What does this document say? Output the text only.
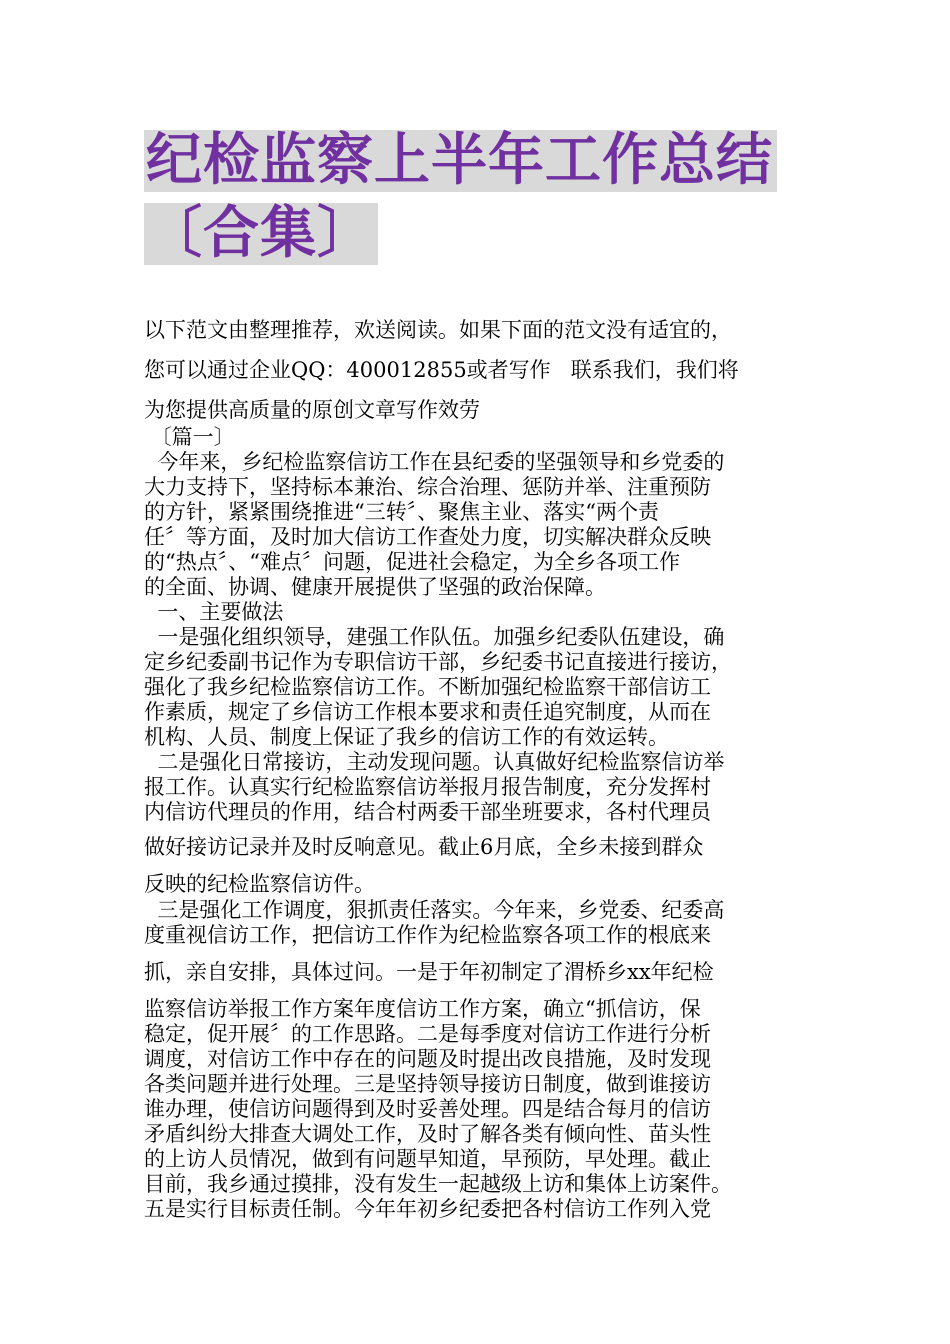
纪检监察上半年工作总结
〔合集〕
以下范文由整理推荐，欢送阅读。如果下面的范文没有适宜的，
您可以通过企业QQ：400012855或者写作   联系我们，我们将
为您提供高质量的原创文章写作效劳
〔篇一〕
今年来，乡纪检监察信访工作在县纪委的坚强领导和乡党委的
大力支持下，坚持标本兼治、综合治理、惩防并举、注重预防
的方针，紧紧围绕推进“三转〞、聚焦主业、落实“两个责
任〞等方面，及时加大信访工作查处力度，切实解决群众反映
的“热点〞、“难点〞问题，促进社会稳定，为全乡各项工作
的全面、协调、健康开展提供了坚强的政治保障。
一、主要做法
一是强化组织领导，建强工作队伍。加强乡纪委队伍建设，确
定乡纪委副书记作为专职信访干部，乡纪委书记直接进行接访，
强化了我乡纪检监察信访工作。不断加强纪检监察干部信访工
作素质，规定了乡信访工作根本要求和责任追究制度，从而在
机构、人员、制度上保证了我乡的信访工作的有效运转。
二是强化日常接访，主动发现问题。认真做好纪检监察信访举
报工作。认真实行纪检监察信访举报月报告制度，充分发挥村
内信访代理员的作用，结合村两委干部坐班要求，各村代理员
做好接访记录并及时反响意见。截止6月底，全乡未接到群众
反映的纪检监察信访件。
三是强化工作调度，狠抓责任落实。今年来，乡党委、纪委高
度重视信访工作，把信访工作作为纪检监察各项工作的根底来
抓，亲自安排，具体过问。一是于年初制定了渭桥乡xx年纪检
监察信访举报工作方案年度信访工作方案，确立“抓信访，保
稳定，促开展〞的工作思路。二是每季度对信访工作进行分析
调度，对信访工作中存在的问题及时提出改良措施，及时发现
各类问题并进行处理。三是坚持领导接访日制度，做到谁接访
谁办理，使信访问题得到及时妥善处理。四是结合每月的信访
矛盾纠纷大排查大调处工作，及时了解各类有倾向性、苗头性
的上访人员情况，做到有问题早知道，早预防，早处理。截止
目前，我乡通过摸排，没有发生一起越级上访和集体上访案件。
五是实行目标责任制。今年年初乡纪委把各村信访工作列入党
